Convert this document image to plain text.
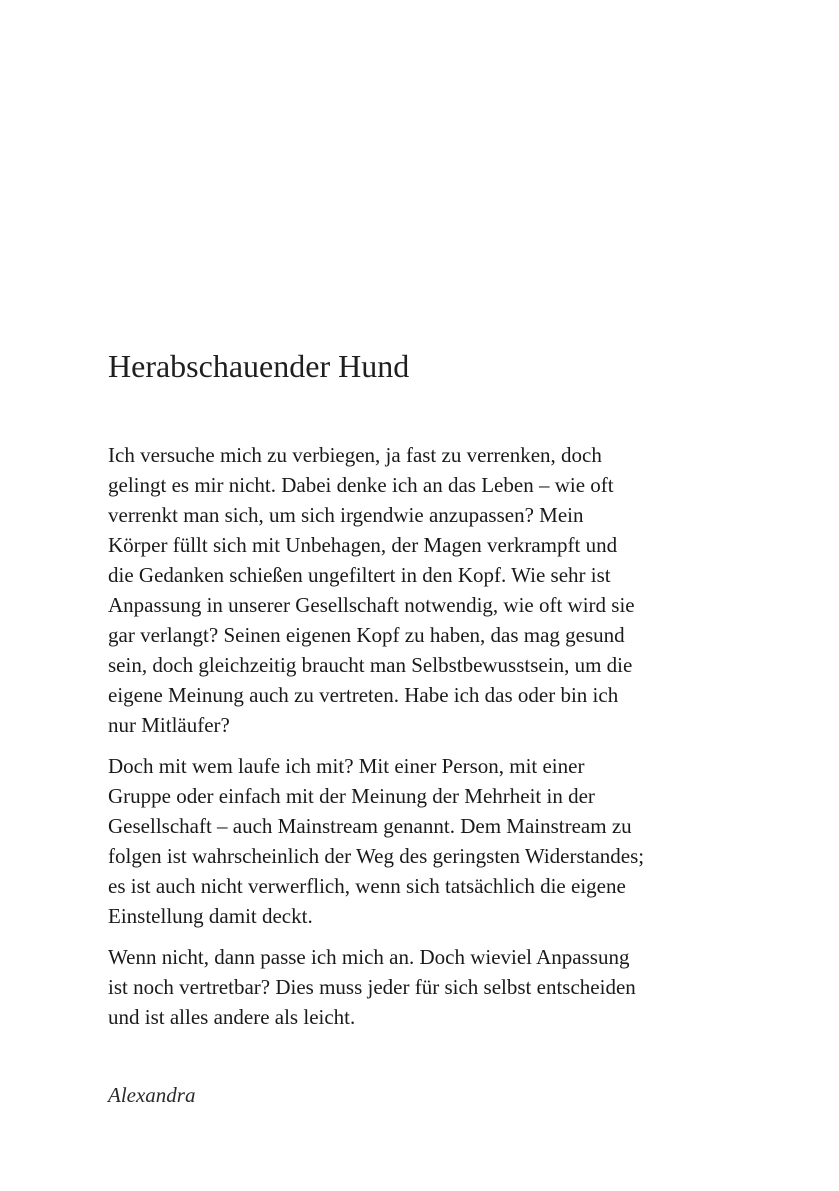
Herabschauender Hund

Ich versuche mich zu verbiegen, ja fast zu verrenken, doch
gelingt es mir nicht. Dabei denke ich an das Leben – wie oft
verrenkt man sich, um sich irgendwie anzupassen? Mein
Körper füllt sich mit Unbehagen, der Magen verkrampft und
die Gedanken schießen ungefiltert in den Kopf. Wie sehr ist
Anpassung in unserer Gesellschaft notwendig, wie oft wird sie
gar verlangt? Seinen eigenen Kopf zu haben, das mag gesund
sein, doch gleichzeitig braucht man Selbstbewusstsein, um die
eigene Meinung auch zu vertreten. Habe ich das oder bin ich
nur Mitläufer?

Doch mit wem laufe ich mit? Mit einer Person, mit einer
Gruppe oder einfach mit der Meinung der Mehrheit in der
Gesellschaft – auch Mainstream genannt. Dem Mainstream zu
folgen ist wahrscheinlich der Weg des geringsten Widerstandes;
es ist auch nicht verwerflich, wenn sich tatsächlich die eigene
Einstellung damit deckt.

Wenn nicht, dann passe ich mich an. Doch wieviel Anpassung
ist noch vertretbar? Dies muss jeder für sich selbst entscheiden
und ist alles andere als leicht.

Alexandra
